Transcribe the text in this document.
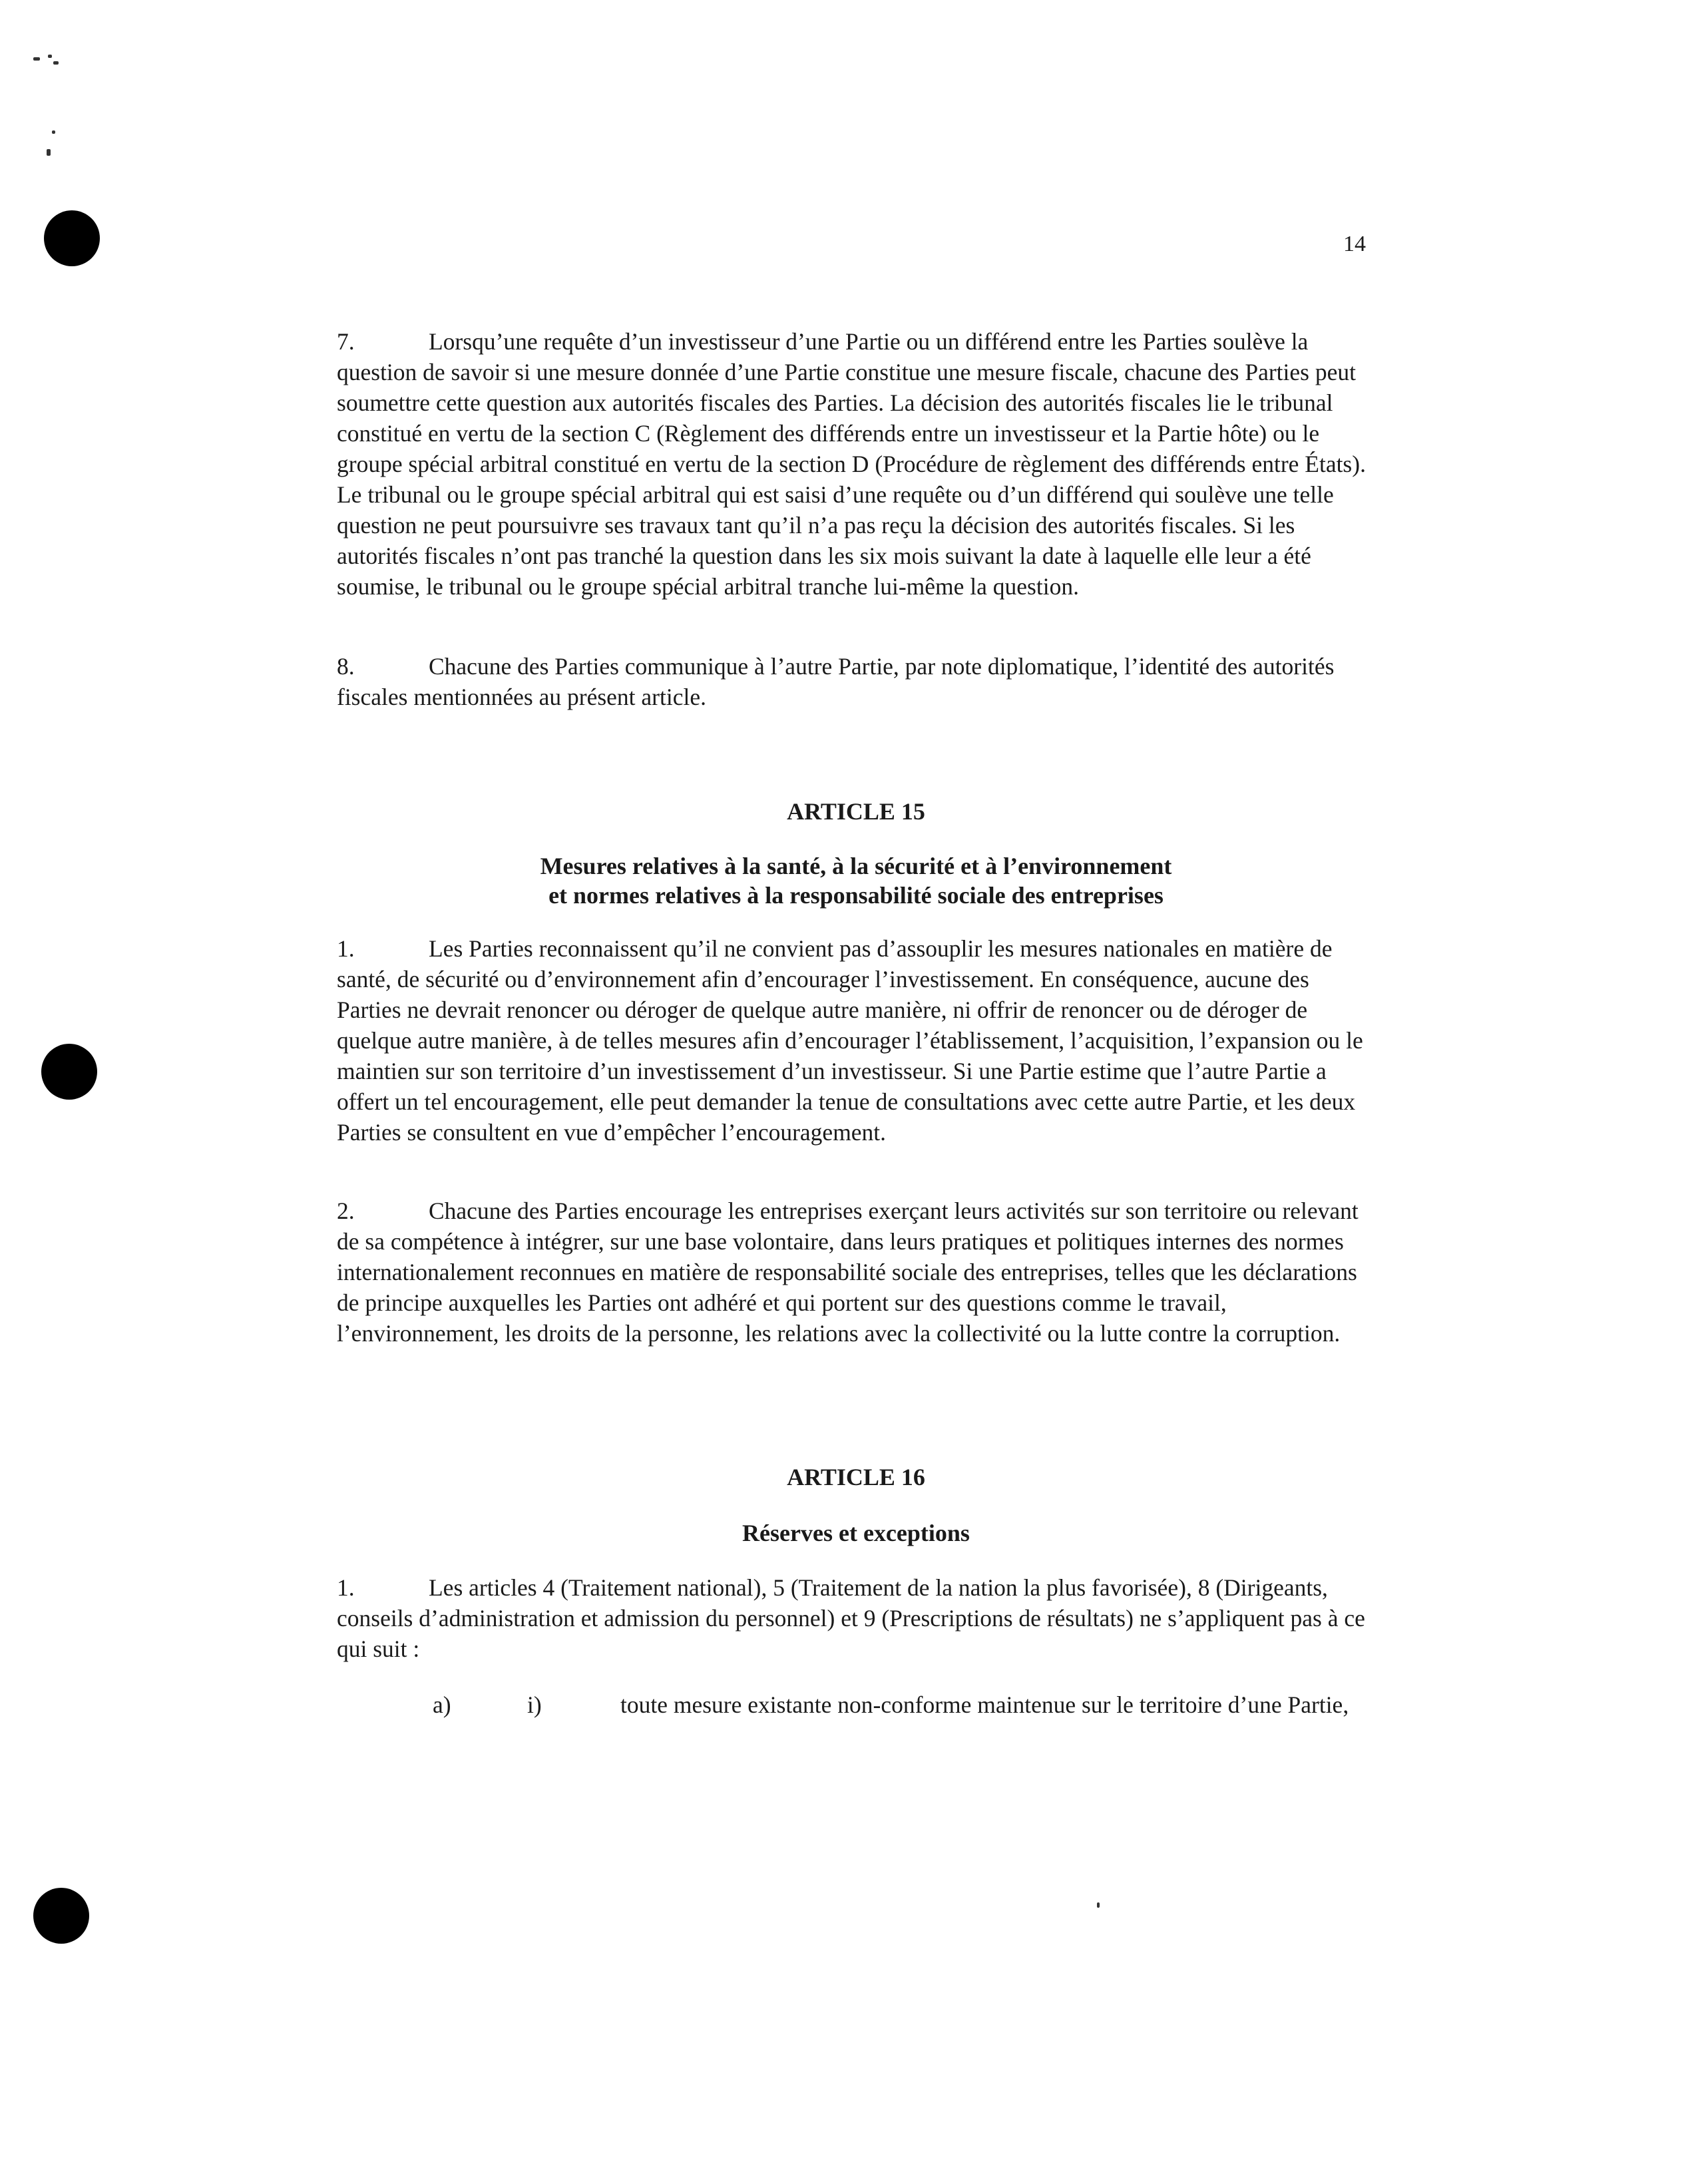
14

7.	Lorsqu’une requête d’un investisseur d’une Partie ou un différend entre les Parties soulève la question de savoir si une mesure donnée d’une Partie constitue une mesure fiscale, chacune des Parties peut soumettre cette question aux autorités fiscales des Parties. La décision des autorités fiscales lie le tribunal constitué en vertu de la section C (Règlement des différends entre un investisseur et la Partie hôte) ou le groupe spécial arbitral constitué en vertu de la section D (Procédure de règlement des différends entre États). Le tribunal ou le groupe spécial arbitral qui est saisi d’une requête ou d’un différend qui soulève une telle question ne peut poursuivre ses travaux tant qu’il n’a pas reçu la décision des autorités fiscales. Si les autorités fiscales n’ont pas tranché la question dans les six mois suivant la date à laquelle elle leur a été soumise, le tribunal ou le groupe spécial arbitral tranche lui-même la question.

8.	Chacune des Parties communique à l’autre Partie, par note diplomatique, l’identité des autorités fiscales mentionnées au présent article.

ARTICLE 15
Mesures relatives à la santé, à la sécurité et à l’environnement
et normes relatives à la responsabilité sociale des entreprises

1.	Les Parties reconnaissent qu’il ne convient pas d’assouplir les mesures nationales en matière de santé, de sécurité ou d’environnement afin d’encourager l’investissement. En conséquence, aucune des Parties ne devrait renoncer ou déroger de quelque autre manière, ni offrir de renoncer ou de déroger de quelque autre manière, à de telles mesures afin d’encourager l’établissement, l’acquisition, l’expansion ou le maintien sur son territoire d’un investissement d’un investisseur. Si une Partie estime que l’autre Partie a offert un tel encouragement, elle peut demander la tenue de consultations avec cette autre Partie, et les deux Parties se consultent en vue d’empêcher l’encouragement.

2.	Chacune des Parties encourage les entreprises exerçant leurs activités sur son territoire ou relevant de sa compétence à intégrer, sur une base volontaire, dans leurs pratiques et politiques internes des normes internationalement reconnues en matière de responsabilité sociale des entreprises, telles que les déclarations de principe auxquelles les Parties ont adhéré et qui portent sur des questions comme le travail, l’environnement, les droits de la personne, les relations avec la collectivité ou la lutte contre la corruption.

ARTICLE 16
Réserves et exceptions

1.	Les articles 4 (Traitement national), 5 (Traitement de la nation la plus favorisée), 8 (Dirigeants, conseils d’administration et admission du personnel) et 9 (Prescriptions de résultats) ne s’appliquent pas à ce qui suit :

a)	i)	toute mesure existante non-conforme maintenue sur le territoire d’une Partie,
